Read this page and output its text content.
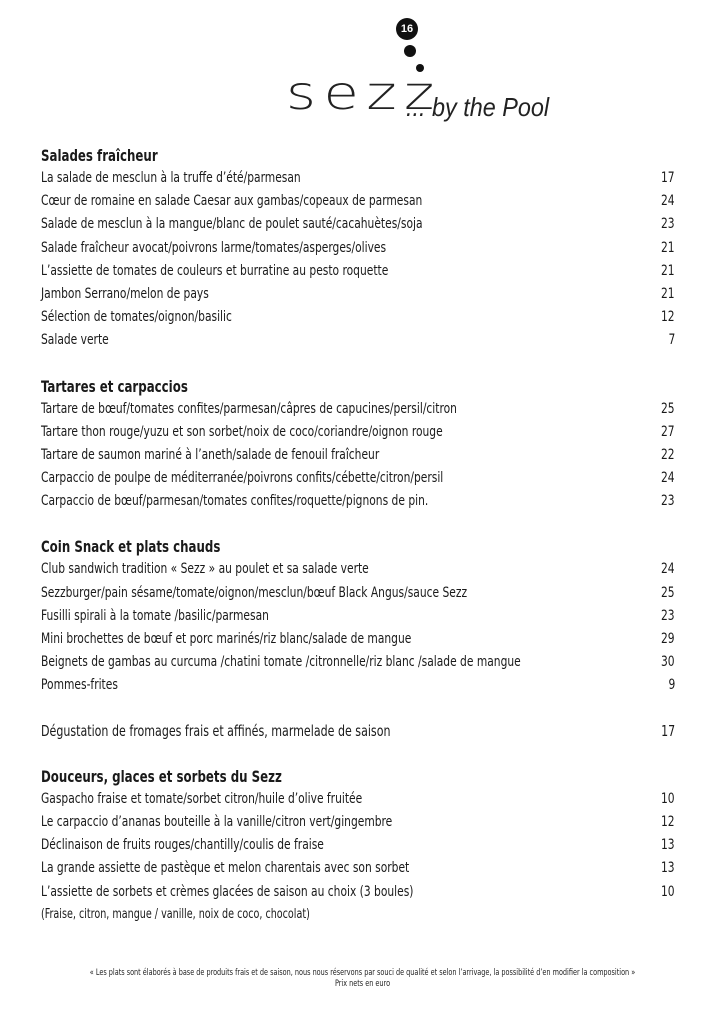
16
sezz
... by the Pool
Salades fraîcheur
La salade de mesclun à la truffe d’été/parmesan	17
Cœur de romaine en salade Caesar aux gambas/copeaux de parmesan	24
Salade de mesclun à la mangue/blanc de poulet sauté/cacahuètes/soja	23
Salade fraîcheur avocat/poivrons larme/tomates/asperges/olives	21
L’assiette de tomates de couleurs et burratine au pesto roquette	21
Jambon Serrano/melon de pays	21
Sélection de tomates/oignon/basilic	12
Salade verte	7
Tartares et carpaccios
Tartare de bœuf/tomates confites/parmesan/câpres de capucines/persil/citron	25
Tartare thon rouge/yuzu et son sorbet/noix de coco/coriandre/oignon rouge	27
Tartare de saumon mariné à l’aneth/salade de fenouil fraîcheur	22
Carpaccio de poulpe de méditerranée/poivrons confits/cébette/citron/persil	24
Carpaccio de bœuf/parmesan/tomates confites/roquette/pignons de pin.	23
Coin Snack et plats chauds
Club sandwich tradition « Sezz » au poulet et sa salade verte	24
Sezzburger/pain sésame/tomate/oignon/mesclun/bœuf Black Angus/sauce Sezz	25
Fusilli spirali à la tomate /basilic/parmesan	23
Mini brochettes de bœuf et porc marinés/riz blanc/salade de mangue	29
Beignets de gambas au curcuma /chatini tomate /citronnelle/riz blanc /salade de mangue	30
Pommes-frites	9
Dégustation de fromages frais et affinés, marmelade de saison	17
Douceurs, glaces et sorbets du Sezz
Gaspacho fraise et tomate/sorbet citron/huile d’olive fruitée	10
Le carpaccio d’ananas bouteille à la vanille/citron vert/gingembre	12
Déclinaison de fruits rouges/chantilly/coulis de fraise	13
La grande assiette de pastèque et melon charentais avec son sorbet	13
L’assiette de sorbets et crèmes glacées de saison au choix (3 boules)	10
(Fraise, citron, mangue / vanille, noix de coco, chocolat)
« Les plats sont élaborés à base de produits frais et de saison, nous nous réservons par souci de qualité et selon l’arrivage, la possibilité d’en modifier la composition »
Prix nets en euro
